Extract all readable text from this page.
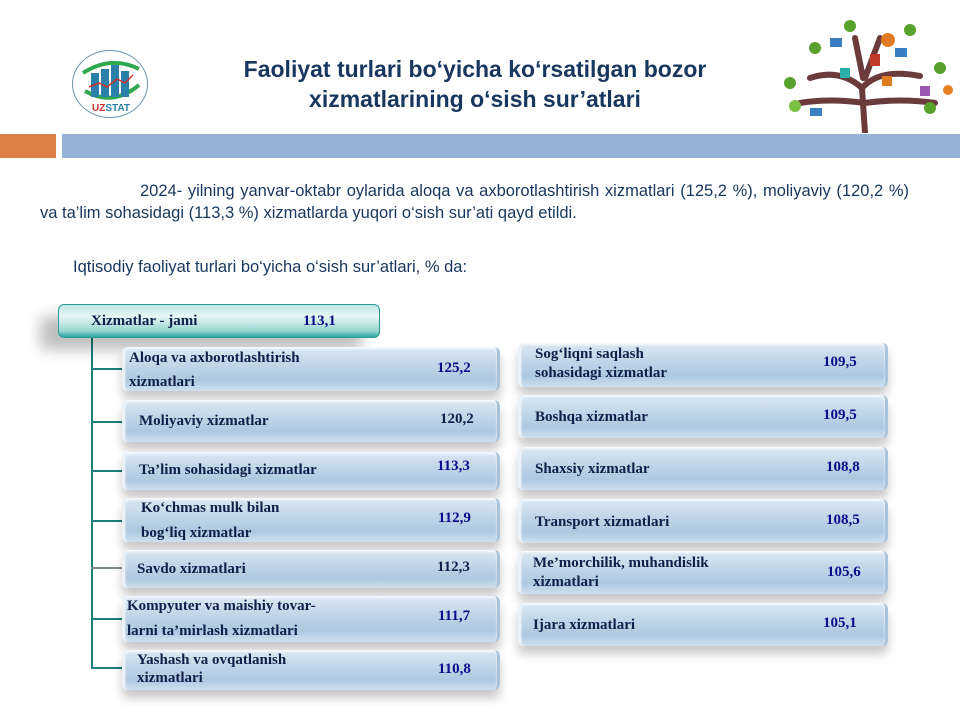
UZSTAT
Faoliyat turlari bo‘yicha ko‘rsatilgan bozor
xizmatlarining o‘sish sur’atlari
2024- yilning yanvar-oktabr oylarida aloqa va axborotlashtirish xizmatlari (125,2 %), moliyaviy (120,2 %) va ta’lim sohasidagi (113,3 %) xizmatlarda yuqori o‘sish sur’ati qayd etildi.
Iqtisodiy faoliyat turlari bo‘yicha o‘sish sur’atlari, % da:
Xizmatlar - jami	113,1
Aloqa va axborotlashtirish
xizmatlari
125,2
Moliyaviy xizmatlar	120,2
Ta’lim sohasidagi xizmatlar	113,3
Ko‘chmas mulk bilan
bog‘liq xizmatlar
112,9
Savdo xizmatlari	112,3
Kompyuter va maishiy tovar-
larni ta’mirlash xizmatlari
111,7
Yashash va ovqatlanish
xizmatlari
110,8
Sog‘liqni saqlash
sohasidagi xizmatlar
109,5
Boshqa xizmatlar	109,5
Shaxsiy xizmatlar	108,8
Transport xizmatlari	108,5
Me’morchilik, muhandislik
xizmatlari
105,6
Ijara xizmatlari	105,1
